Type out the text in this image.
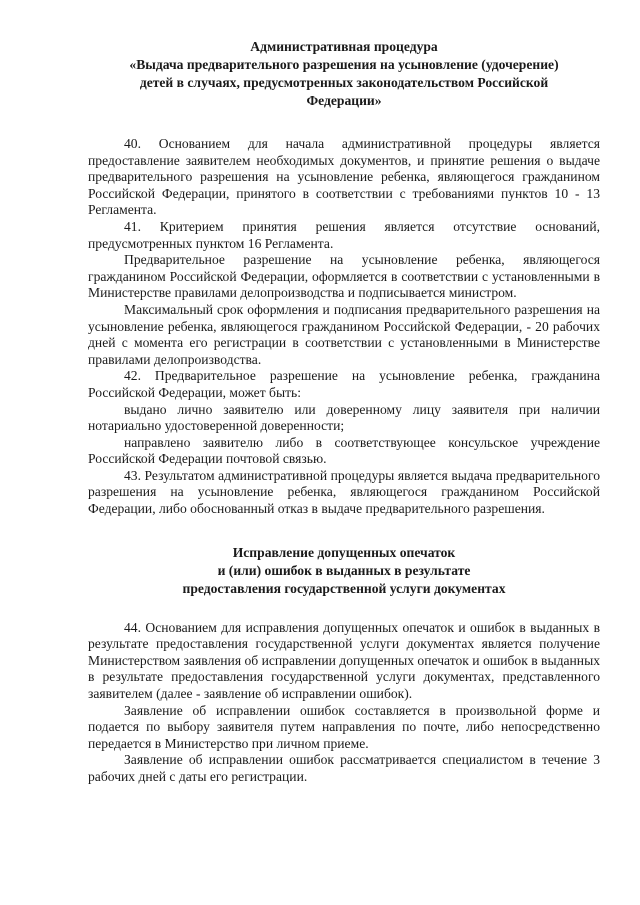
Административная процедура
«Выдача предварительного разрешения на усыновление (удочерение)
детей в случаях, предусмотренных законодательством Российской
Федерации»

40. Основанием для начала административной процедуры является предоставление заявителем необходимых документов, и принятие решения о выдаче предварительного разрешения на усыновление ребенка, являющегося гражданином Российской Федерации, принятого в соответствии с требованиями пунктов 10 - 13 Регламента.

41. Критерием принятия решения является отсутствие оснований, предусмотренных пунктом 16 Регламента.

Предварительное разрешение на усыновление ребенка, являющегося гражданином Российской Федерации, оформляется в соответствии с установленными в Министерстве правилами делопроизводства и подписывается министром.

Максимальный срок оформления и подписания предварительного разрешения на усыновление ребенка, являющегося гражданином Российской Федерации, - 20 рабочих дней с момента его регистрации в соответствии с установленными в Министерстве правилами делопроизводства.

42. Предварительное разрешение на усыновление ребенка, гражданина Российской Федерации, может быть:

выдано лично заявителю или доверенному лицу заявителя при наличии нотариально удостоверенной доверенности;

направлено заявителю либо в соответствующее консульское учреждение Российской Федерации почтовой связью.

43. Результатом административной процедуры является выдача предварительного разрешения на усыновление ребенка, являющегося гражданином Российской Федерации, либо обоснованный отказ в выдаче предварительного разрешения.

Исправление допущенных опечаток
и (или) ошибок в выданных в результате
предоставления государственной услуги документах

44. Основанием для исправления допущенных опечаток и ошибок в выданных в результате предоставления государственной услуги документах является получение Министерством заявления об исправлении допущенных опечаток и ошибок в выданных в результате предоставления государственной услуги документах, представленного заявителем (далее - заявление об исправлении ошибок).

Заявление об исправлении ошибок составляется в произвольной форме и подается по выбору заявителя путем направления по почте, либо непосредственно передается в Министерство при личном приеме.

Заявление об исправлении ошибок рассматривается специалистом в течение 3 рабочих дней с даты его регистрации.
